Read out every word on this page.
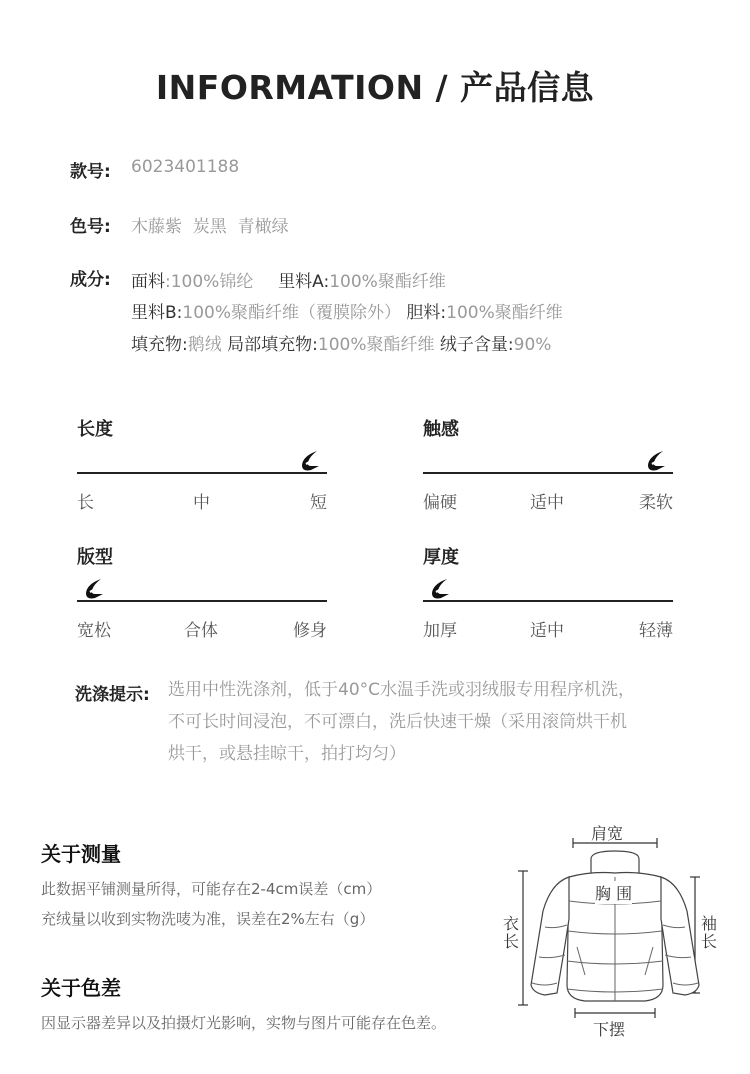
INFORMATION / 产品信息
款号: 6023401188
色号: 木藤紫  炭黑  青橄绿
成分: 面料:100%锦纶 里料A:100%聚酯纤维
里料B:100%聚酯纤维（覆膜除外） 胆料:100%聚酯纤维
填充物:鹅绒 局部填充物:100%聚酯纤维 绒子含量:90%
长度
长	中	短
触感
偏硬	适中	柔软
版型
宽松	合体	修身
厚度
加厚	适中	轻薄
洗涤提示: 选用中性洗涤剂，低于40°C水温手洗或羽绒服专用程序机洗，
不可长时间浸泡，不可漂白，洗后快速干燥（采用滚筒烘干机
烘干，或悬挂晾干，拍打均匀）
关于测量
此数据平铺测量所得，可能存在2-4cm误差（cm）
充绒量以收到实物洗唛为准，误差在2%左右（g）
关于色差
因显示器差异以及拍摄灯光影响，实物与图片可能存在色差。
肩宽
胸 围
衣长
袖长
下摆
